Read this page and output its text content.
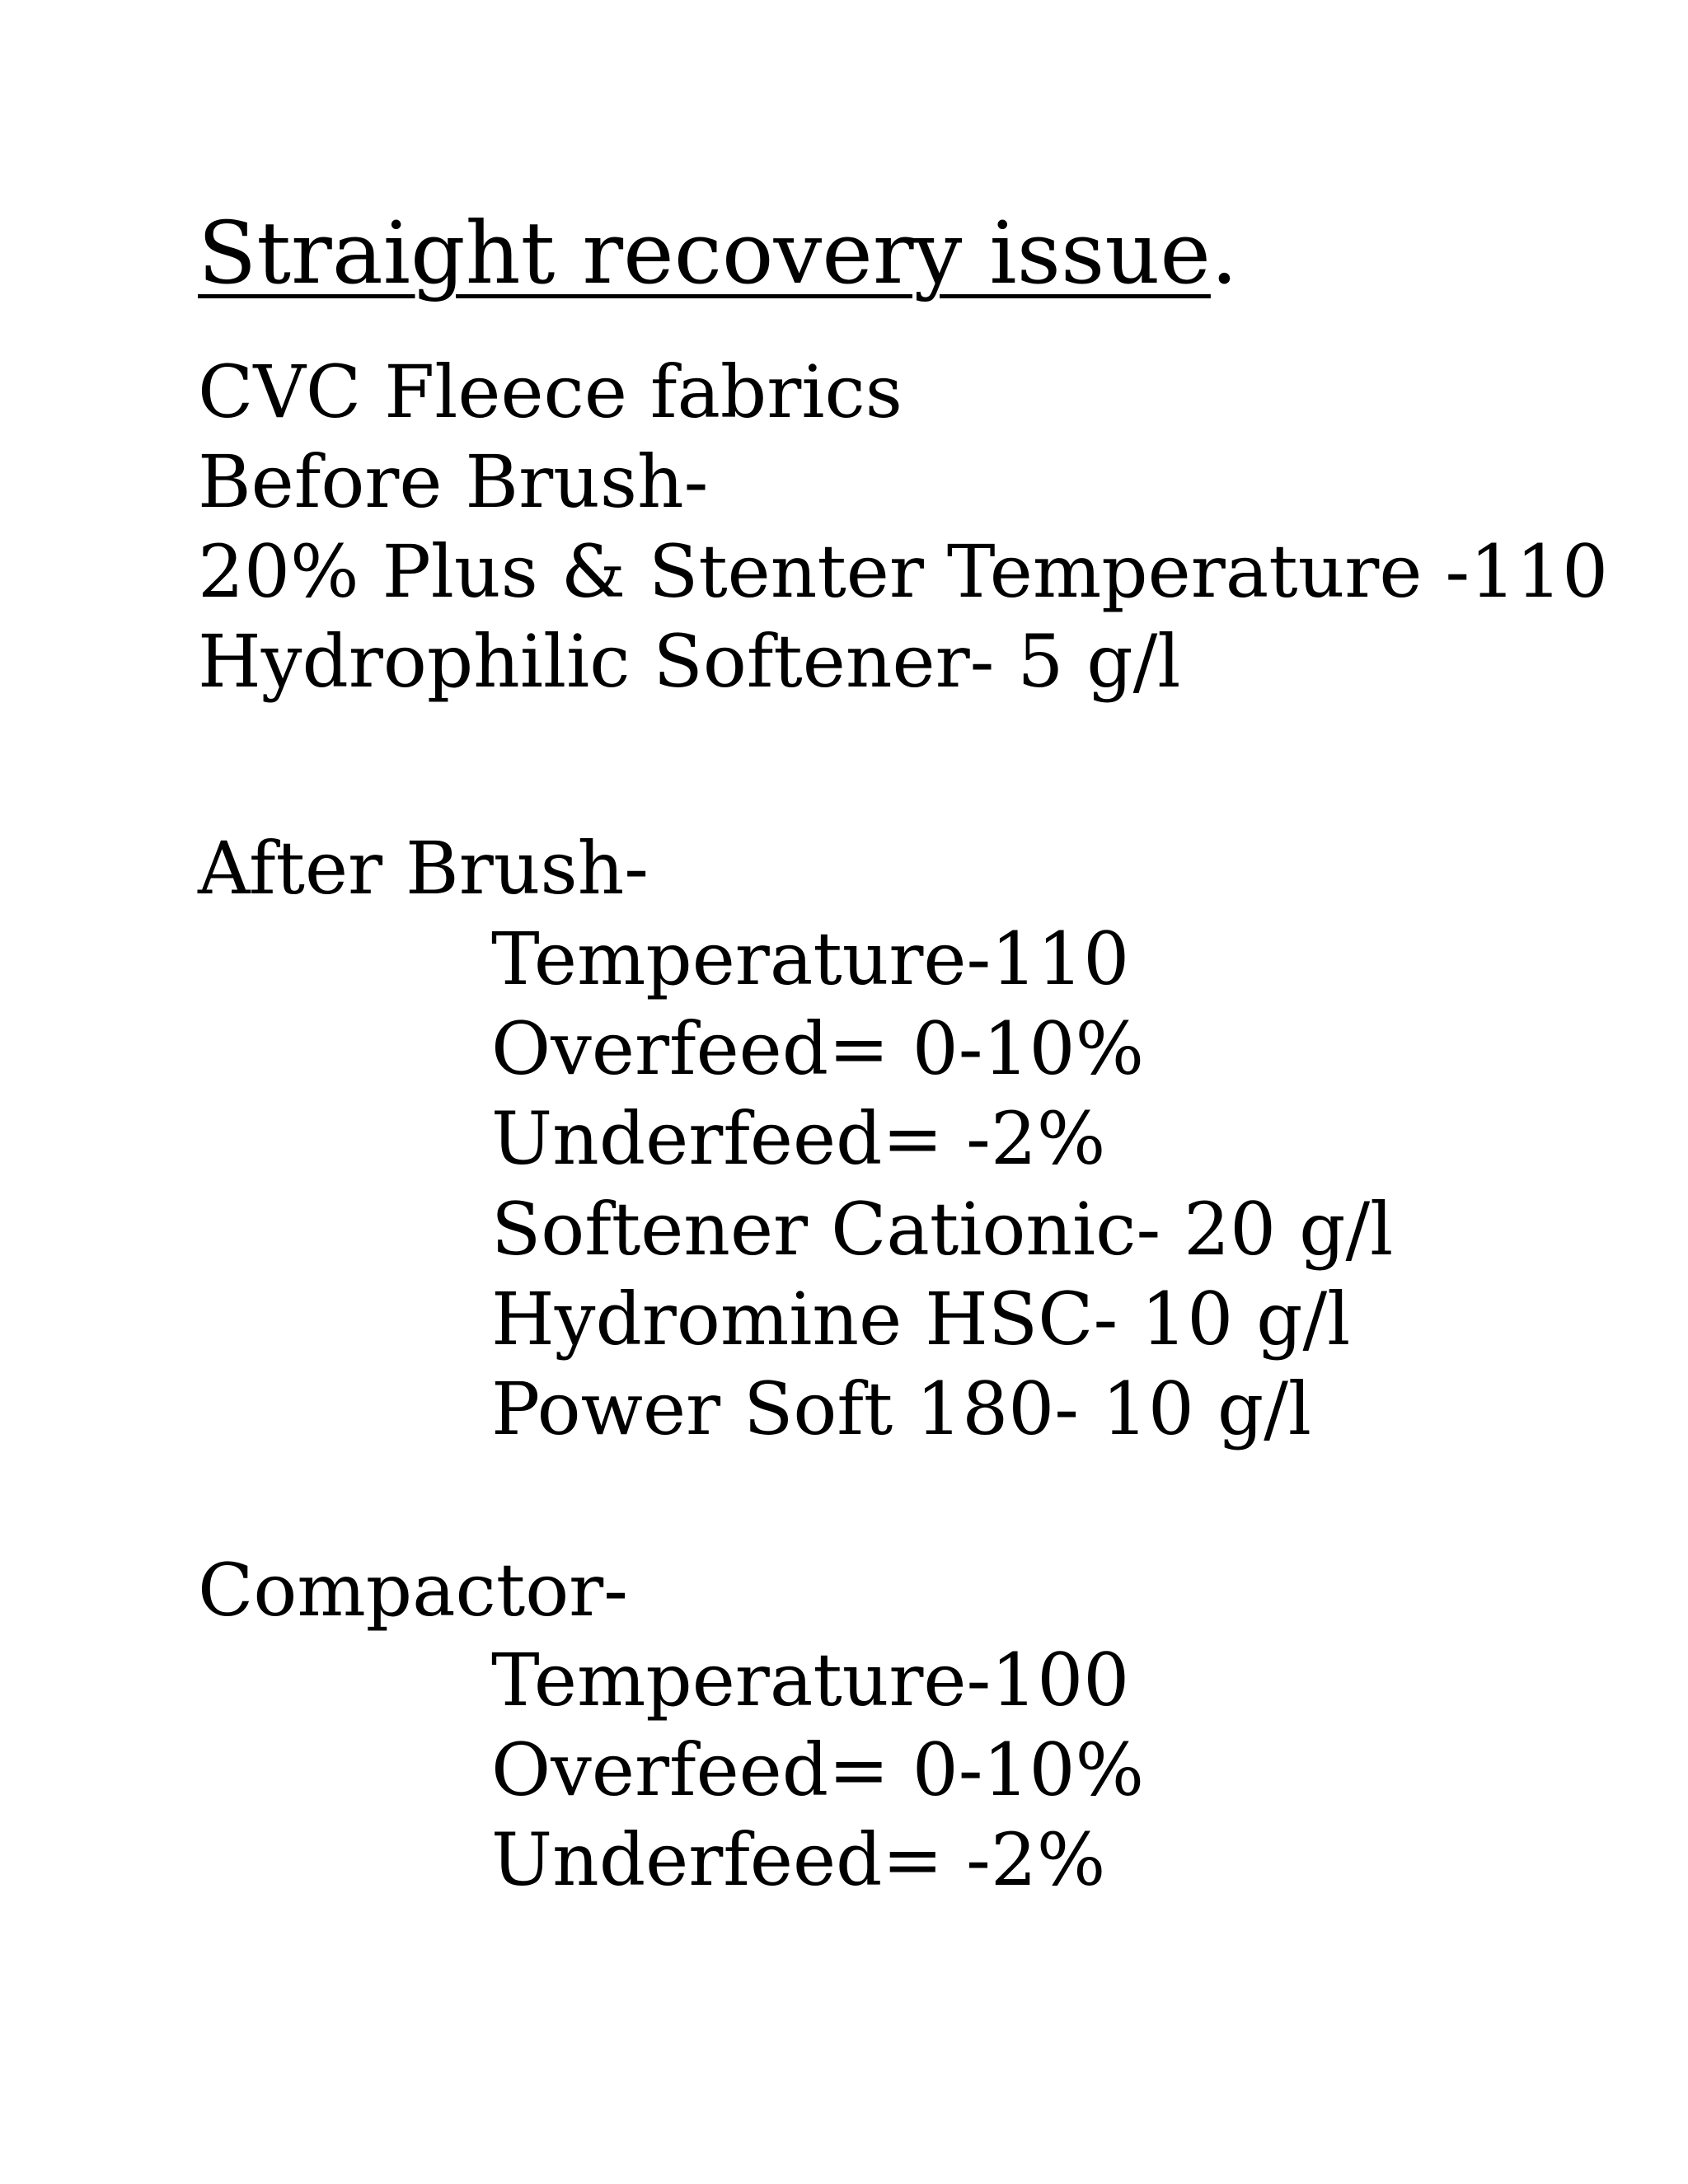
Straight recovery issue.

CVC Fleece fabrics

Before Brush-

20% Plus & Stenter Temperature -110

Hydrophilic Softener- 5 g/l

After Brush-

Temperature-110

Overfeed= 0-10%

Underfeed= -2%

Softener Cationic- 20 g/l

Hydromine HSC- 10 g/l

Power Soft 180- 10 g/l

Compactor-

Temperature-100

Overfeed= 0-10%

Underfeed= -2%
